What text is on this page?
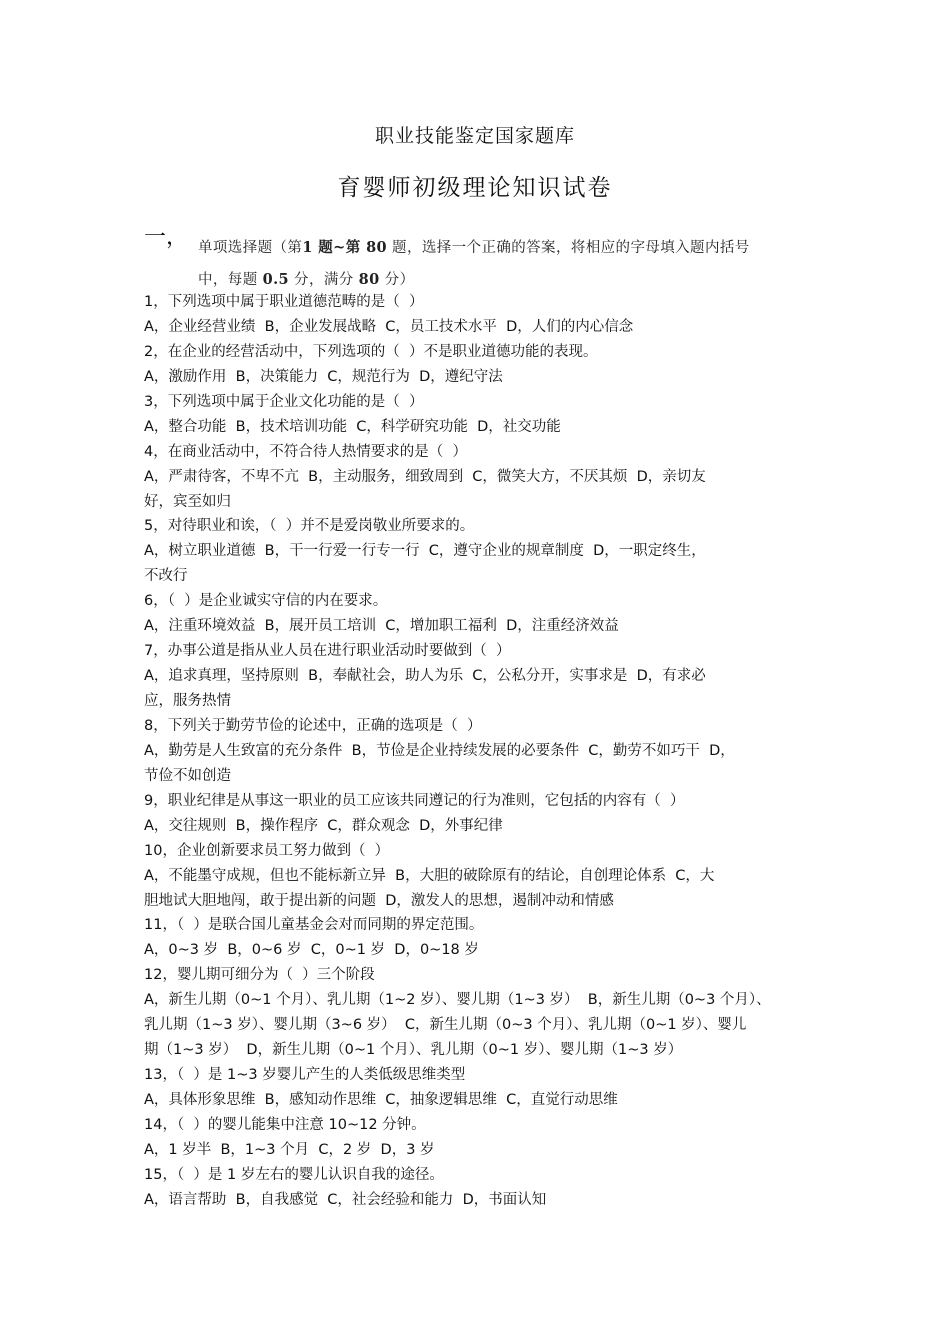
职业技能鉴定国家题库
育婴师初级理论知识试卷
一， 单项选择题（第1 题~第 80 题，选择一个正确的答案，将相应的字母填入题内括号
中，每题 0.5 分，满分 80 分）
1，下列选项中属于职业道德范畴的是（  ）
A，企业经营业绩  B，企业发展战略  C，员工技术水平  D，人们的内心信念
2，在企业的经营活动中，下列选项的（  ）不是职业道德功能的表现。
A，激励作用  B，决策能力  C，规范行为  D，遵纪守法
3，下列选项中属于企业文化功能的是（  ）
A，整合功能  B，技术培训功能  C，科学研究功能  D，社交功能
4，在商业活动中，不符合待人热情要求的是（  ）
A，严肃待客，不卑不亢  B，主动服务，细致周到  C，微笑大方，不厌其烦  D，亲切友
好，宾至如归
5，对待职业和诶，（  ）并不是爱岗敬业所要求的。
A，树立职业道德  B，干一行爱一行专一行  C，遵守企业的规章制度  D，一职定终生，
不改行
6，（  ）是企业诚实守信的内在要求。
A，注重环境效益  B，展开员工培训  C，增加职工福利  D，注重经济效益
7，办事公道是指从业人员在进行职业活动时要做到（  ）
A，追求真理，坚持原则  B，奉献社会，助人为乐  C，公私分开，实事求是  D，有求必
应，服务热情
8，下列关于勤劳节俭的论述中，正确的选项是（  ）
A，勤劳是人生致富的充分条件  B，节俭是企业持续发展的必要条件  C，勤劳不如巧干  D，
节俭不如创造
9，职业纪律是从事这一职业的员工应该共同遵记的行为准则，它包括的内容有（  ）
A，交往规则  B，操作程序  C，群众观念  D，外事纪律
10，企业创新要求员工努力做到（  ）
A，不能墨守成规，但也不能标新立异  B，大胆的破除原有的结论，自创理论体系  C，大
胆地试大胆地闯，敢于提出新的问题  D，激发人的思想，遏制冲动和情感
11，（  ）是联合国儿童基金会对而同期的界定范围。
A，0~3 岁  B，0~6 岁  C，0~1 岁  D，0~18 岁
12，婴儿期可细分为（  ）三个阶段
A，新生儿期（0~1 个月）、乳儿期（1~2 岁）、婴儿期（1~3 岁）  B，新生儿期（0~3 个月）、
乳儿期（1~3 岁）、婴儿期（3~6 岁）  C，新生儿期（0~3 个月）、乳儿期（0~1 岁）、婴儿
期（1~3 岁）  D，新生儿期（0~1 个月）、乳儿期（0~1 岁）、婴儿期（1~3 岁）
13，（  ）是 1~3 岁婴儿产生的人类低级思维类型
A，具体形象思维  B，感知动作思维  C，抽象逻辑思维  C，直觉行动思维
14，（  ）的婴儿能集中注意 10~12 分钟。
A，1 岁半  B，1~3 个月  C，2 岁  D，3 岁
15，（  ）是 1 岁左右的婴儿认识自我的途径。
A，语言帮助  B，自我感觉  C，社会经验和能力  D，书面认知
